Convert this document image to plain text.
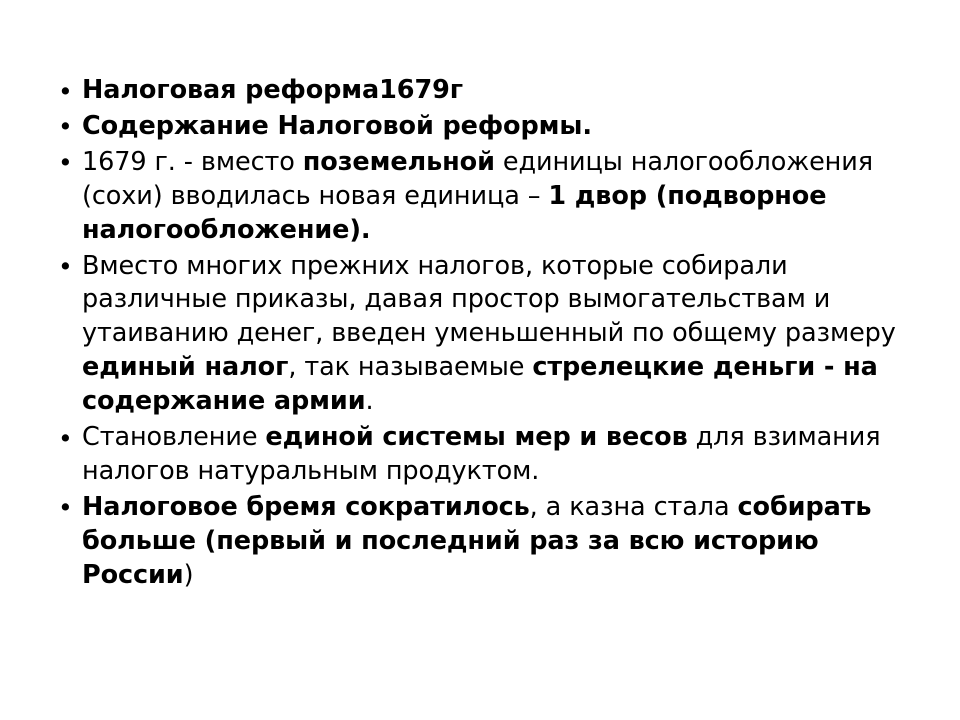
• Налоговая реформа1679г
• Содержание Налоговой реформы.
• 1679 г. - вместо поземельной единицы налогообложения (сохи) вводилась новая единица – 1 двор (подворное налогообложение).
• Вместо многих прежних налогов, которые собирали различные приказы, давая простор вымогательствам и утаиванию денег, введен уменьшенный по общему размеру единый налог, так называемые стрелецкие деньги - на содержание армии.
• Становление единой системы мер и весов для взимания налогов натуральным продуктом.
• Налоговое бремя сократилось, а казна стала собирать больше (первый и последний раз за всю историю России)
